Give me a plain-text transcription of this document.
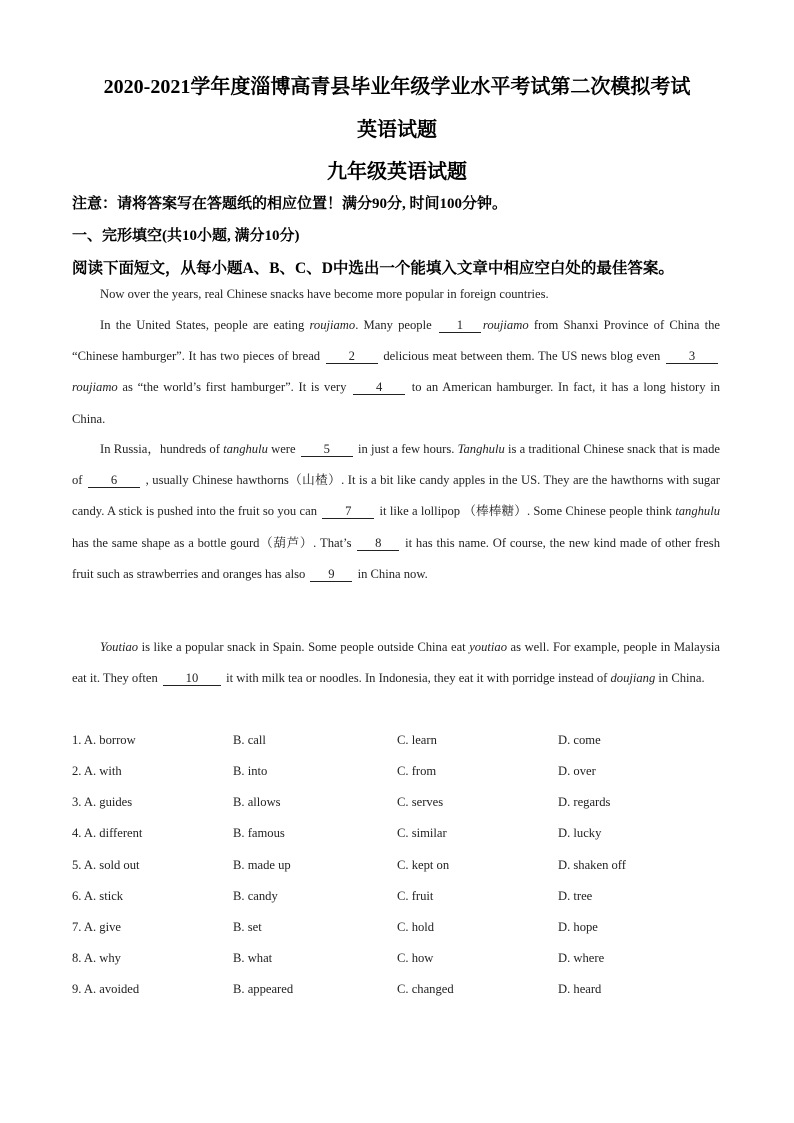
2020-2021学年度淄博高青县毕业年级学业水平考试第二次模拟考试
英语试题
九年级英语试题
注意：请将答案写在答题纸的相应位置！满分90分, 时间100分钟。
一、完形填空(共10小题, 满分10分)
阅读下面短文，从每小题A、B、C、D中选出一个能填入文章中相应空白处的最佳答案。

Now over the years, real Chinese snacks have become more popular in foreign countries.

In the United States, people are eating roujiamo. Many people 1 roujiamo from Shanxi Province of China the “Chinese hamburger”. It has two pieces of bread 2 delicious meat between them. The US news blog even 3roujiamo as “the world’s first hamburger”. It is very 4 to an American hamburger. In fact, it has a long history in China.

In Russia，hundreds of tanghulu were 5 in just a few hours. Tanghulu is a traditional Chinese snack that is made of 6 , usually Chinese hawthorns（山楂）. It is a bit like candy apples in the US. They are the hawthorns with sugar candy. A stick is pushed into the fruit so you can 7 it like a lollipop （棒棒糖）. Some Chinese people think tanghulu has the same shape as a bottle gourd（葫芦）. That’s 8 it has this name. Of course, the new kind made of other fresh fruit such as strawberries and oranges has also 9 in China now.

Youtiao is like a popular snack in Spain. Some people outside China eat youtiao as well. For example, people in Malaysia eat it. They often 10 it with milk tea or noodles. In Indonesia, they eat it with porridge instead of doujiang in China.

1. A. borrow	B. call	C. learn	D. come
2. A. with	B. into	C. from	D. over
3. A. guides	B. allows	C. serves	D. regards
4. A. different	B. famous	C. similar	D. lucky
5. A. sold out	B. made up	C. kept on	D. shaken off
6. A. stick	B. candy	C. fruit	D. tree
7. A. give	B. set	C. hold	D. hope
8. A. why	B. what	C. how	D. where
9. A. avoided	B. appeared	C. changed	D. heard
